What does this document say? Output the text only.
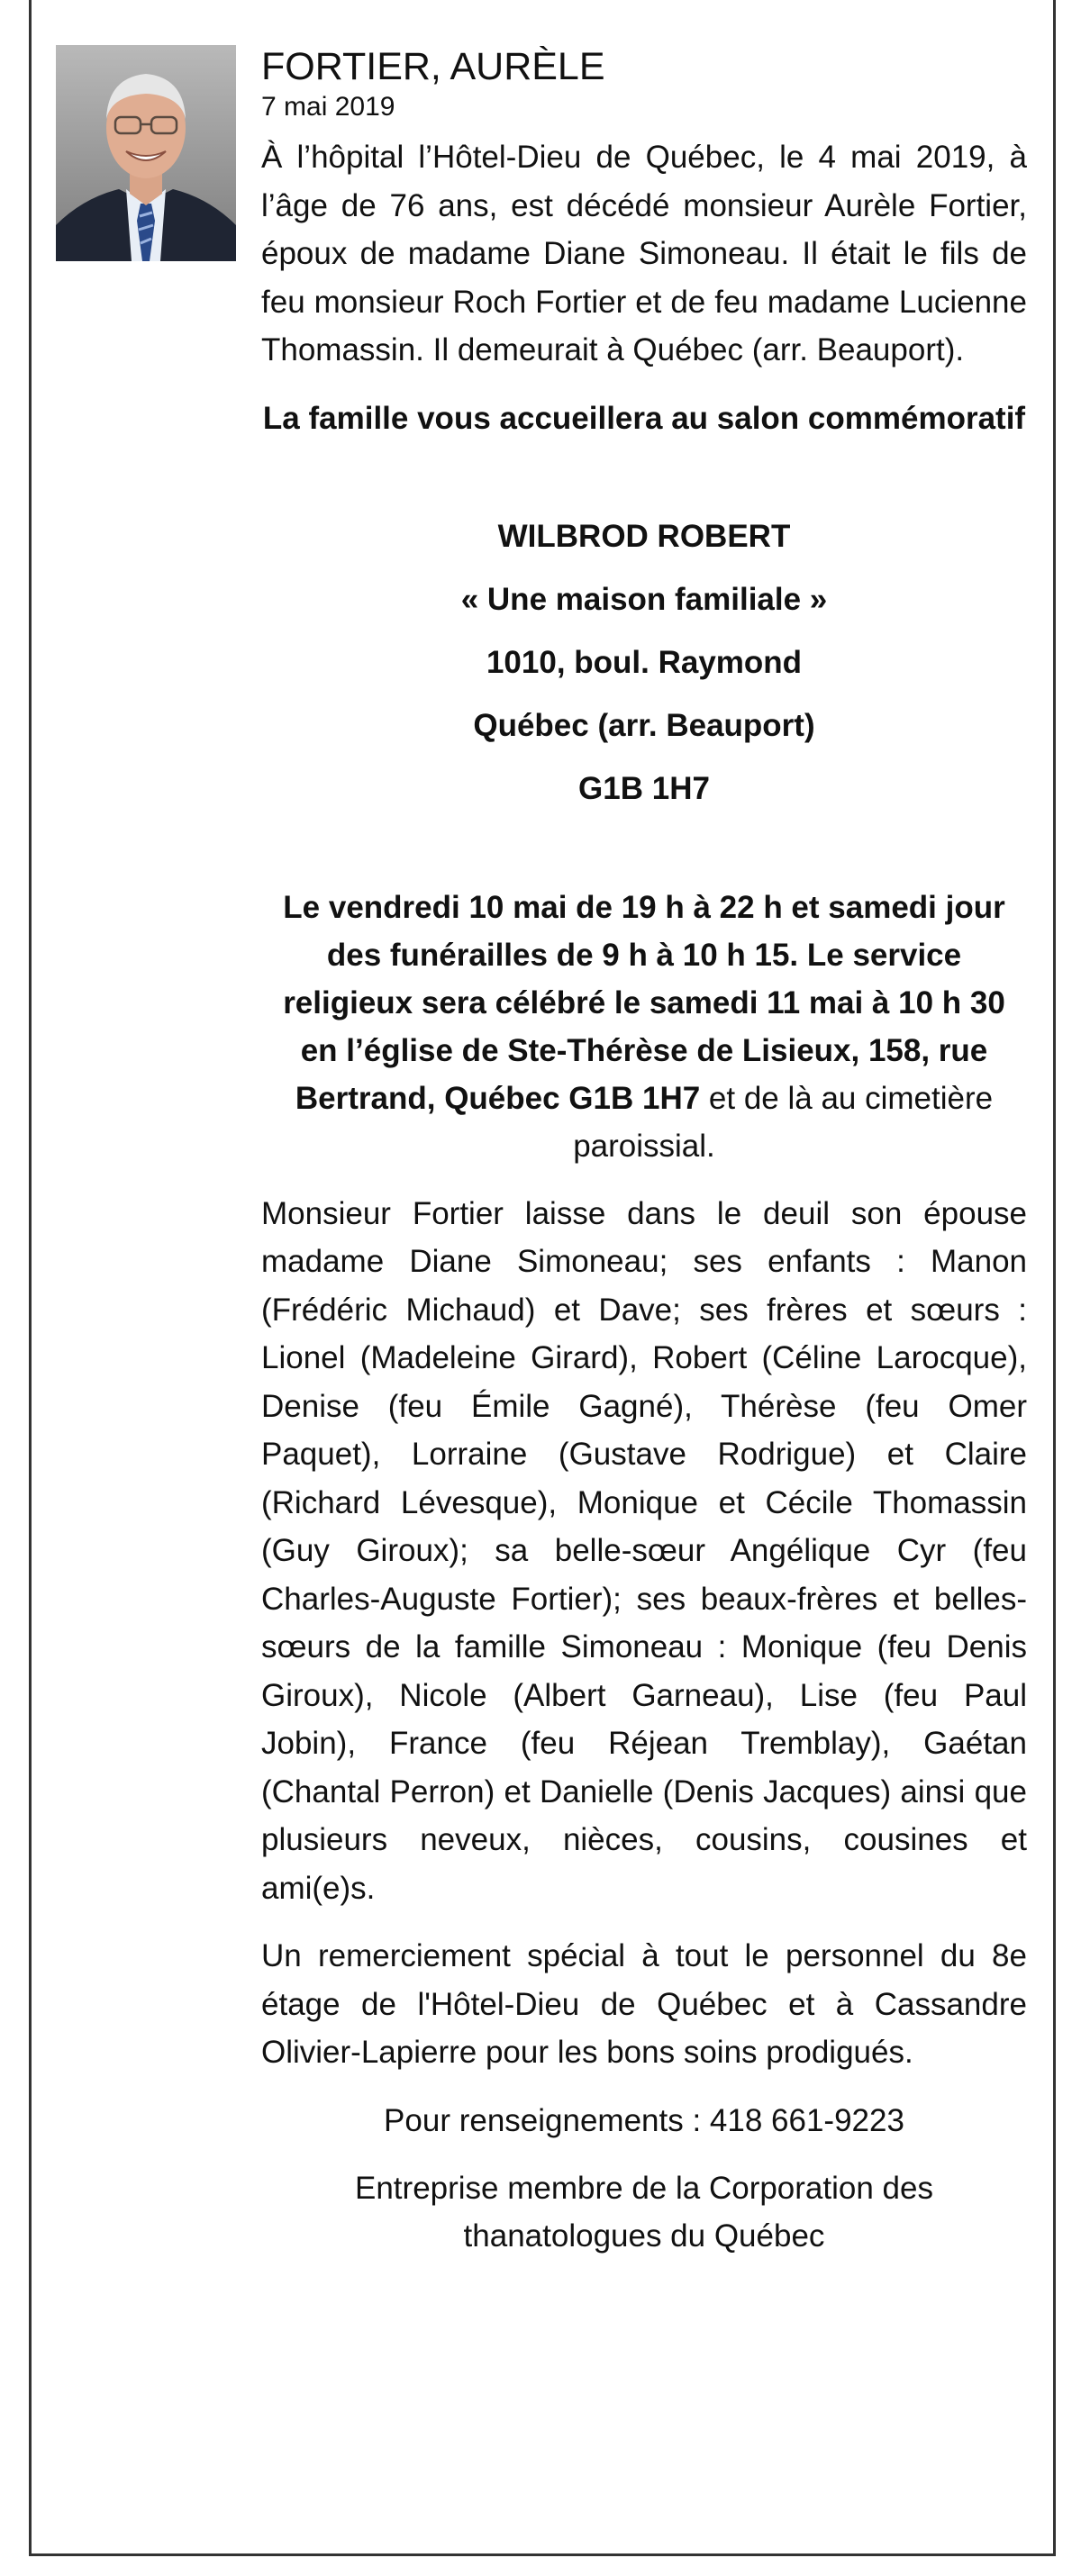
FORTIER, AURÈLE
7 mai 2019

À l’hôpital l’Hôtel-Dieu de Québec, le 4 mai 2019, à l’âge de 76 ans, est décédé monsieur Aurèle Fortier, époux de madame Diane Simoneau. Il était le fils de feu monsieur Roch Fortier et de feu madame Lucienne Thomassin. Il demeurait à Québec (arr. Beauport).

La famille vous accueillera au salon commémoratif

WILBROD ROBERT

« Une maison familiale »

1010, boul. Raymond

Québec (arr. Beauport)

G1B 1H7

Le vendredi 10 mai de 19 h à 22 h et samedi jour des funérailles de 9 h à 10 h 15. Le service religieux sera célébré le samedi 11 mai à 10 h 30 en l’église de Ste-Thérèse de Lisieux, 158, rue Bertrand, Québec G1B 1H7 et de là au cimetière paroissial.

Monsieur Fortier laisse dans le deuil son épouse madame Diane Simoneau; ses enfants : Manon (Frédéric Michaud) et Dave; ses frères et sœurs : Lionel (Madeleine Girard), Robert (Céline Larocque), Denise (feu Émile Gagné), Thérèse (feu Omer Paquet), Lorraine (Gustave Rodrigue) et Claire (Richard Lévesque), Monique et Cécile Thomassin (Guy Giroux); sa belle-sœur Angélique Cyr (feu Charles-Auguste Fortier); ses beaux-frères et belles-sœurs de la famille Simoneau : Monique (feu Denis Giroux), Nicole (Albert Garneau), Lise (feu Paul Jobin), France (feu Réjean Tremblay), Gaétan (Chantal Perron) et Danielle (Denis Jacques) ainsi que plusieurs neveux, nièces, cousins, cousines et ami(e)s.

Un remerciement spécial à tout le personnel du 8e étage de l'Hôtel-Dieu de Québec et à Cassandre Olivier-Lapierre pour les bons soins prodigués.

Pour renseignements : 418 661-9223

Entreprise membre de la Corporation des thanatologues du Québec
